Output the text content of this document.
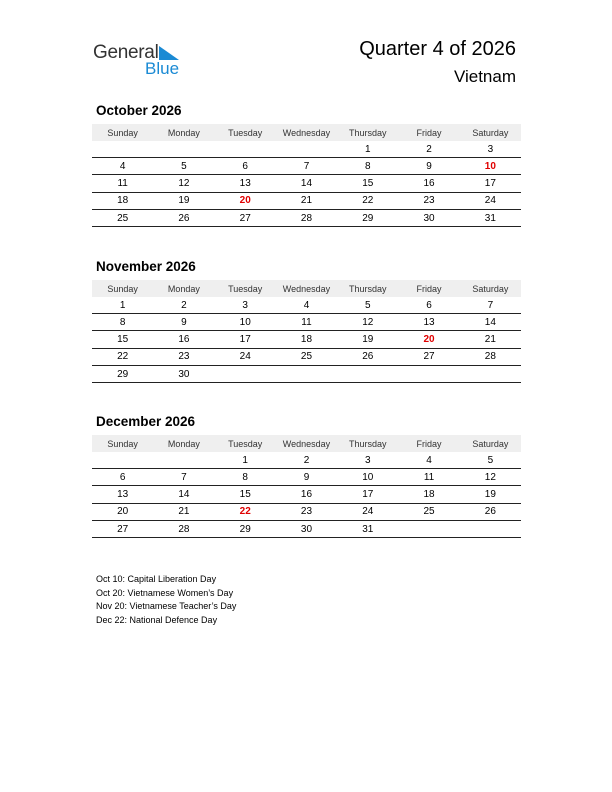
General
Blue
Quarter 4 of 2026
Vietnam
October 2026
Sunday	Monday	Tuesday	Wednesday	Thursday	Friday	Saturday
				1	2	3
4	5	6	7	8	9	10
11	12	13	14	15	16	17
18	19	20	21	22	23	24
25	26	27	28	29	30	31
November 2026
Sunday	Monday	Tuesday	Wednesday	Thursday	Friday	Saturday
1	2	3	4	5	6	7
8	9	10	11	12	13	14
15	16	17	18	19	20	21
22	23	24	25	26	27	28
29	30					
December 2026
Sunday	Monday	Tuesday	Wednesday	Thursday	Friday	Saturday
		1	2	3	4	5
6	7	8	9	10	11	12
13	14	15	16	17	18	19
20	21	22	23	24	25	26
27	28	29	30	31		
Oct 10: Capital Liberation Day
Oct 20: Vietnamese Women’s Day
Nov 20: Vietnamese Teacher’s Day
Dec 22: National Defence Day
